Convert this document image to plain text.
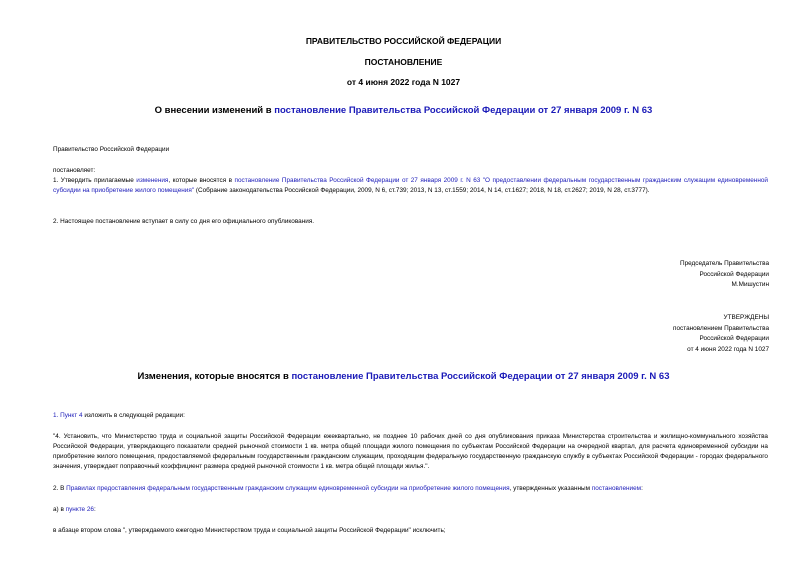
ПРАВИТЕЛЬСТВО РОССИЙСКОЙ ФЕДЕРАЦИИ

ПОСТАНОВЛЕНИЕ

от 4 июня 2022 года N 1027

О внесении изменений в постановление Правительства Российской Федерации от 27 января 2009 г. N 63

Правительство Российской Федерации

постановляет:

1. Утвердить прилагаемые изменения, которые вносятся в постановление Правительства Российской Федерации от 27 января 2009 г. N 63 "О предоставлении федеральным государственным гражданским служащим единовременной субсидии на приобретение жилого помещения" (Собрание законодательства Российской Федерации, 2009, N 6, ст.739; 2013, N 13, ст.1559; 2014, N 14, ст.1627; 2018, N 18, ст.2627; 2019, N 28, ст.3777).

2. Настоящее постановление вступает в силу со дня его официального опубликования.

Председатель Правительства
Российской Федерации
М.Мишустин
УТВЕРЖДЕНЫ
постановлением Правительства
Российской Федерации
от 4 июня 2022 года N 1027

Изменения, которые вносятся в постановление Правительства Российской Федерации от 27 января 2009 г. N 63

1. Пункт 4 изложить в следующей редакции:

"4. Установить, что Министерство труда и социальной защиты Российской Федерации ежеквартально, не позднее 10 рабочих дней со дня опубликования приказа Министерства строительства и жилищно-коммунального хозяйства Российской Федерации, утверждающего показатели средней рыночной стоимости 1 кв. метра общей площади жилого помещения по субъектам Российской Федерации на очередной квартал, для расчета единовременной субсидии на приобретение жилого помещения, предоставляемой федеральным государственным гражданским служащим, проходящим федеральную государственную гражданскую службу в субъектах Российской Федерации - городах федерального значения, утверждает поправочный коэффициент размера средней рыночной стоимости 1 кв. метра общей площади жилья.".

2. В Правилах предоставления федеральным государственным гражданским служащим единовременной субсидии на приобретение жилого помещения, утвержденных указанным постановлением:

а) в пункте 26:

в абзаце втором слова ", утверждаемого ежегодно Министерством труда и социальной защиты Российской Федерации" исключить;
